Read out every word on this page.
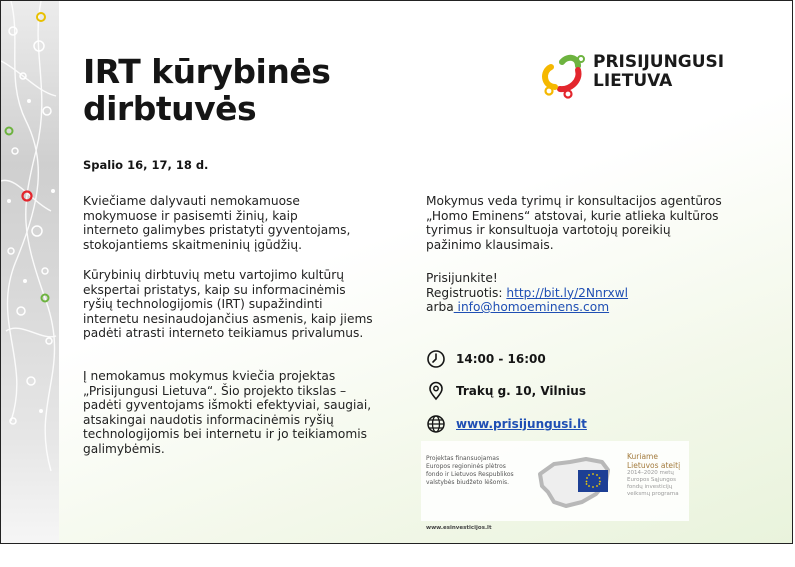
IRT kūrybinės
dirbtuvės
PRISIJUNGUSI
LIETUVA
Spalio 16, 17, 18 d.
Kviečiame dalyvauti nemokamuose
mokymuose ir pasisemti žinių, kaip
interneto galimybes pristatyti gyventojams,
stokojantiems skaitmeninių įgūdžių.
Kūrybinių dirbtuvių metu vartojimo kultūrų
ekspertai pristatys, kaip su informacinėmis
ryšių technologijomis (IRT) supažindinti
internetu nesinaudojančius asmenis, kaip jiems
padėti atrasti interneto teikiamus privalumus.
Į nemokamus mokymus kviečia projektas
„Prisijungusi Lietuva“. Šio projekto tikslas –
padėti gyventojams išmokti efektyviai, saugiai,
atsakingai naudotis informacinėmis ryšių
technologijomis bei internetu ir jo teikiamomis
galimybėmis.
Mokymus veda tyrimų ir konsultacijos agentūros
„Homo Eminens“ atstovai, kurie atlieka kultūros
tyrimus ir konsultuoja vartotojų poreikių
pažinimo klausimais.
Prisijunkite!
Registruotis: http://bit.ly/2Nnrxwl
arba info@homoeminens.com
14:00 - 16:00
Trakų g. 10, Vilnius
www.prisijungusi.lt
Projektas finansuojamas
Europos regioninės plėtros
fondo ir Lietuvos Respublikos
valstybės biudžeto lėšomis.
Kuriame
Lietuvos ateitį
2014–2020 metų
Europos Sąjungos
fondų investicijų
veiksmų programa
www.esinvesticijos.lt
